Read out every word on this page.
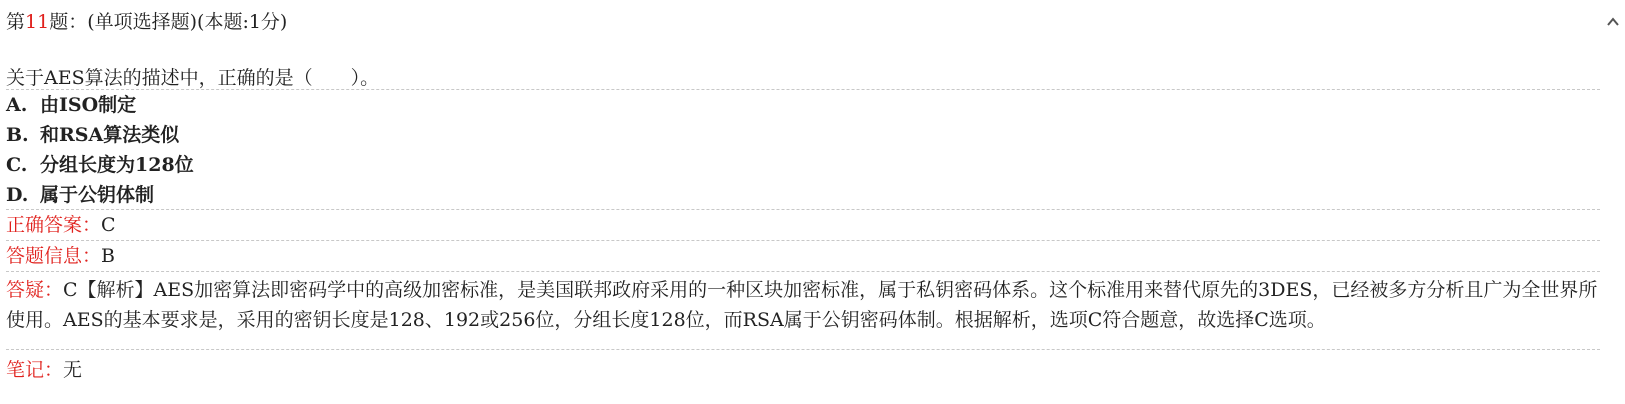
第11题：(单项选择题)(本题:1分)
关于AES算法的描述中，正确的是（　　）。
A. 由ISO制定
B. 和RSA算法类似
C. 分组长度为128位
D. 属于公钥体制
正确答案：C
答题信息：B
答疑：C【解析】AES加密算法即密码学中的高级加密标准，是美国联邦政府采用的一种区块加密标准，属于私钥密码体系。这个标准用来替代原先的3DES，已经被多方分析且广为全世界所使用。AES的基本要求是，采用的密钥长度是128、192或256位，分组长度128位，而RSA属于公钥密码体制。根据解析，选项C符合题意，故选择C选项。
笔记：无
